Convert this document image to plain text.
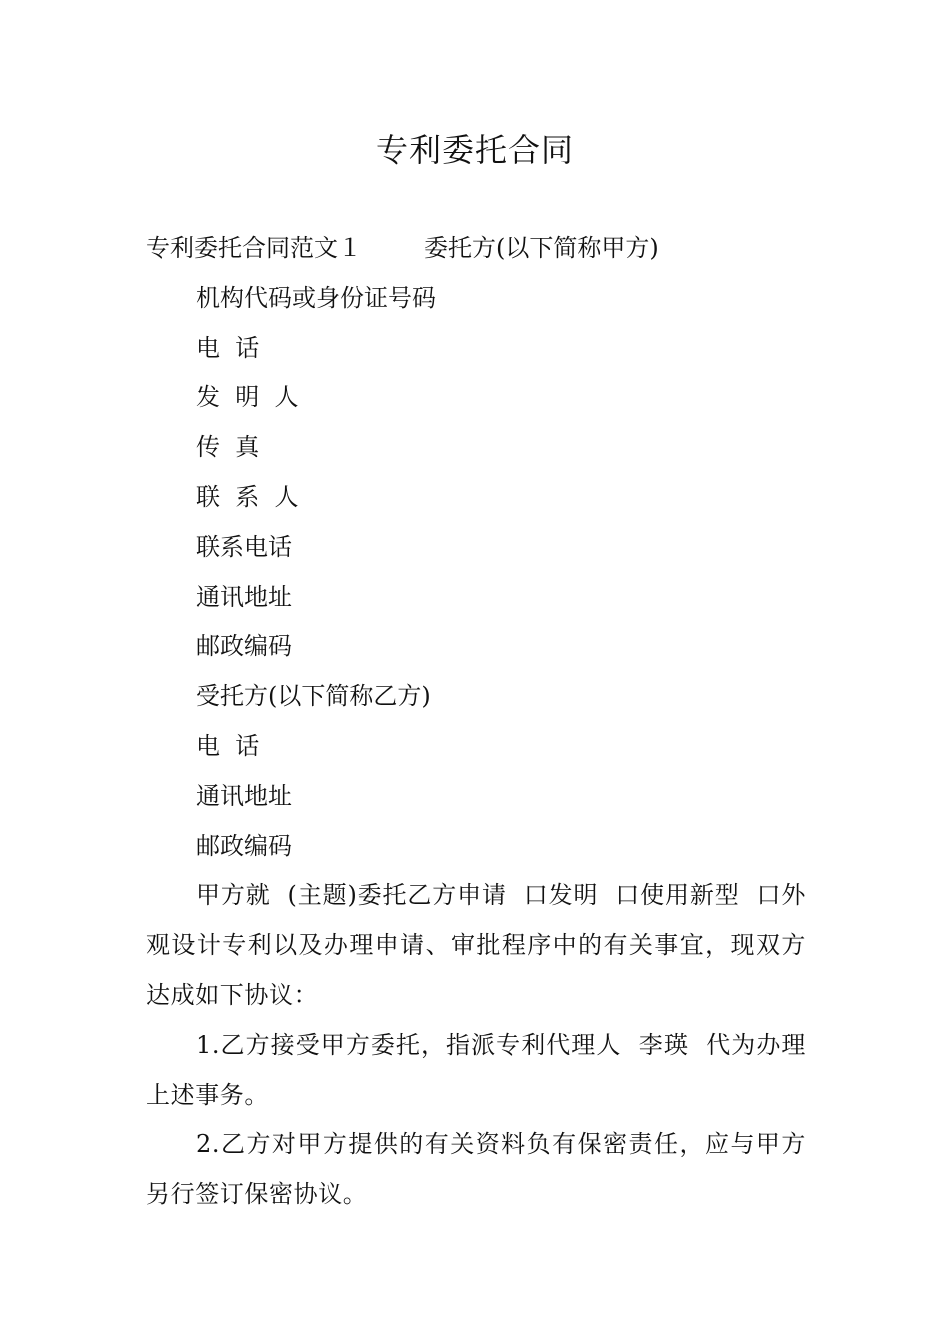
专利委托合同
专利委托合同范文１	委托方(以下简称甲方)
机构代码或身份证号码
电  话
发  明  人
传  真
联  系  人
联系电话
通讯地址
邮政编码
受托方(以下简称乙方)
电  话
通讯地址
邮政编码
甲方就  (主题)委托乙方申请  口发明  口使用新型  口外观设计专利以及办理申请、审批程序中的有关事宜，现双方达成如下协议：
1.乙方接受甲方委托，指派专利代理人  李瑛  代为办理上述事务。
2.乙方对甲方提供的有关资料负有保密责任，应与甲方另行签订保密协议。
